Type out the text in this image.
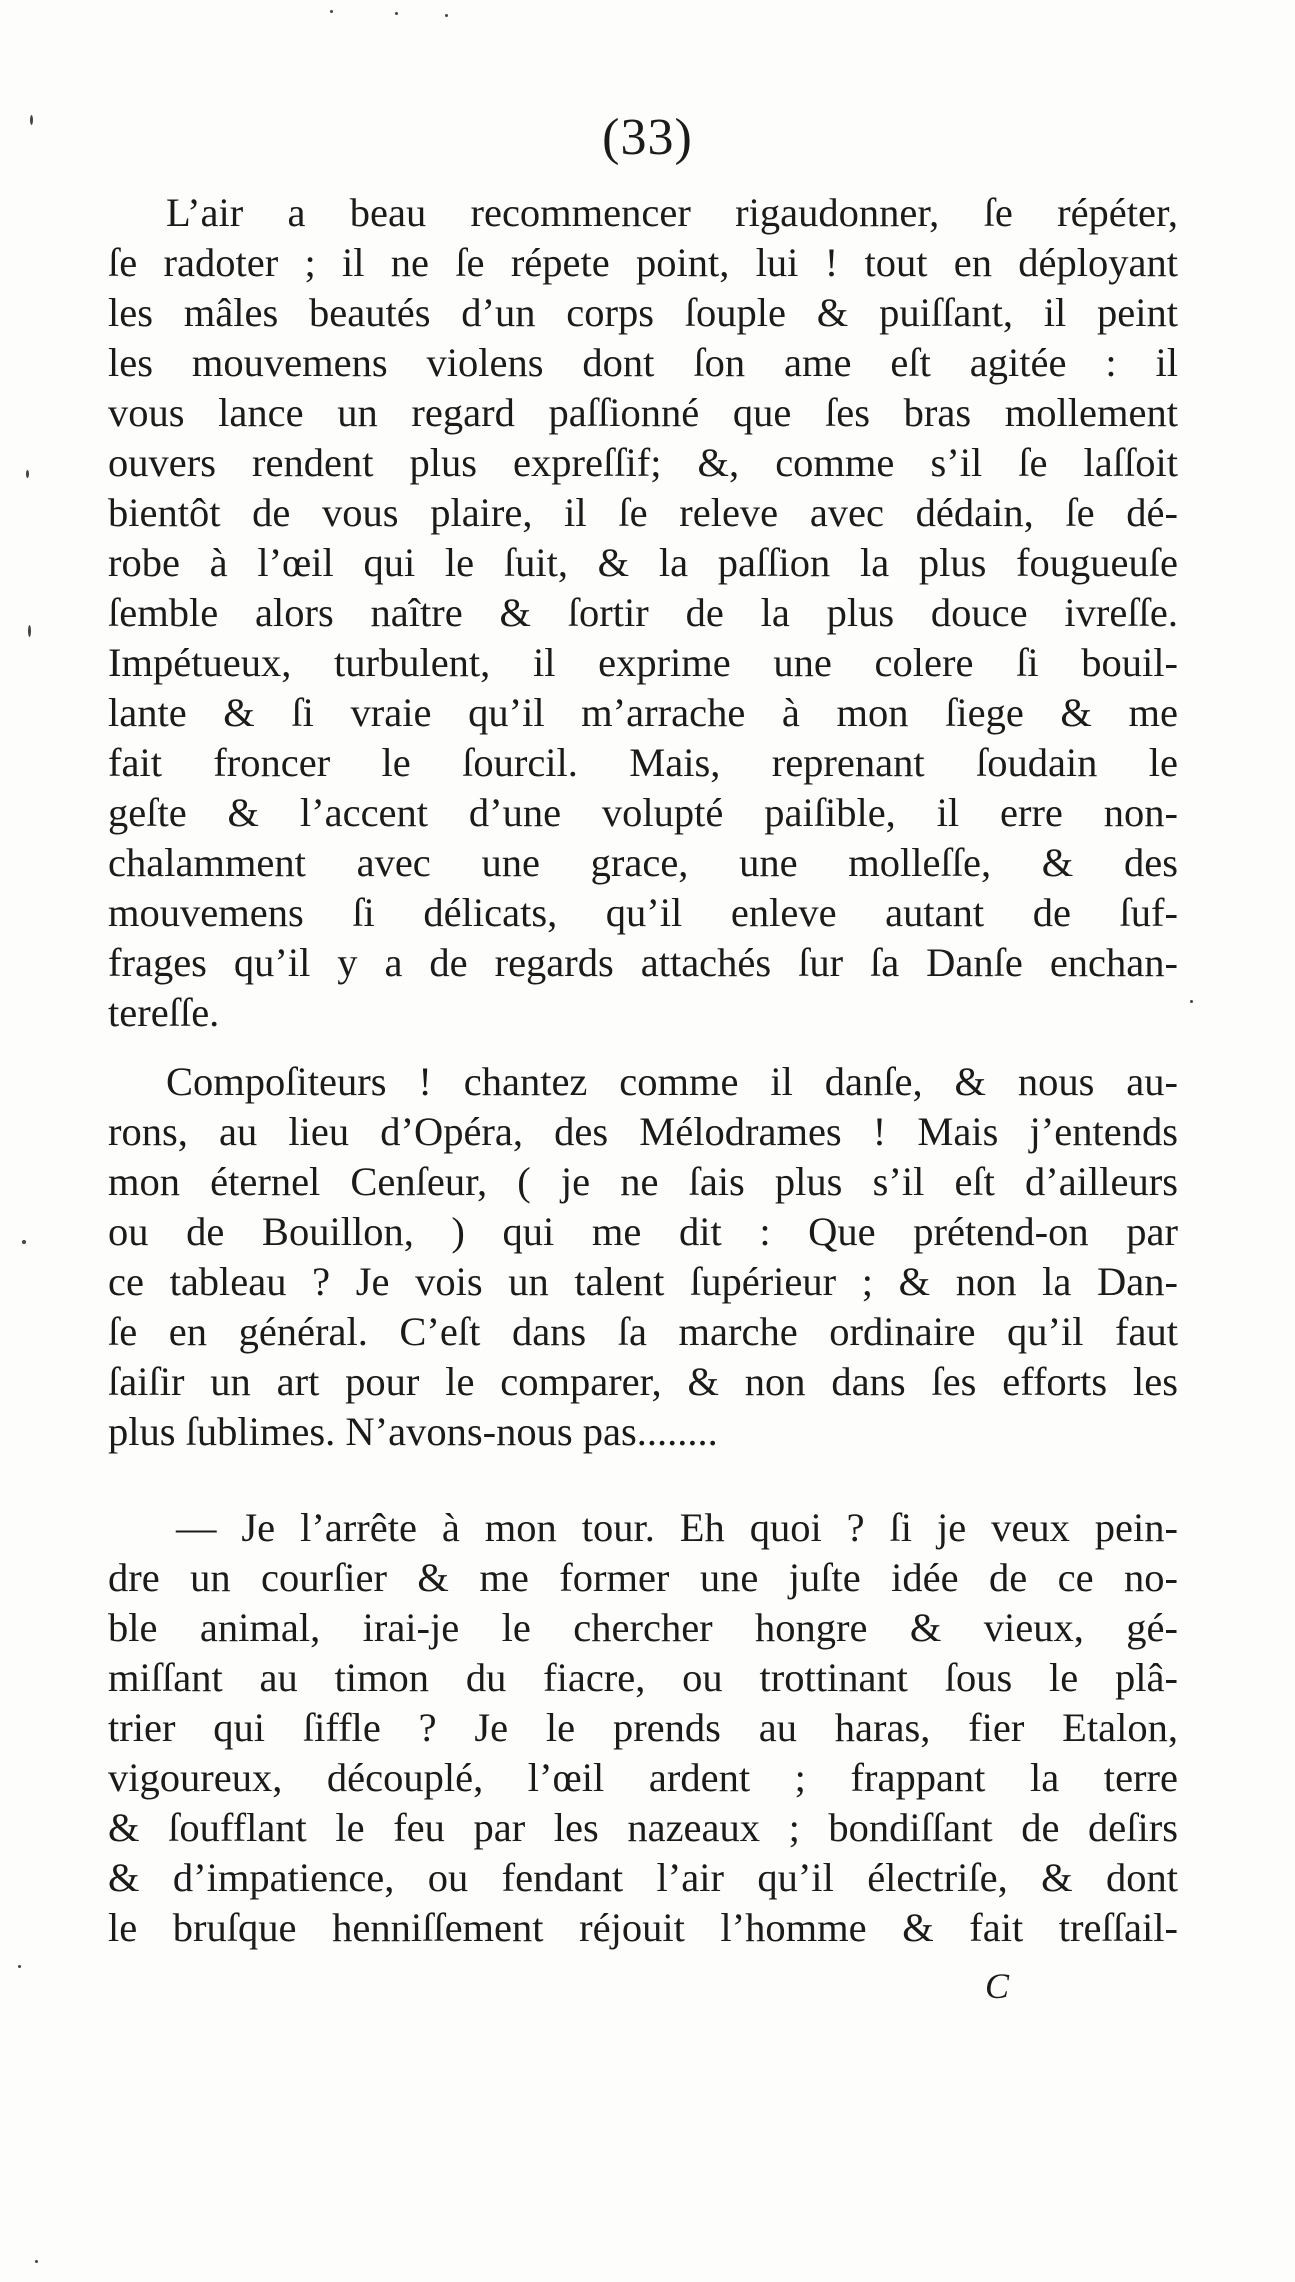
(33)
L’air a beau recommencer rigaudonner, ſe répéter,
ſe radoter ; il ne ſe répete point, lui ! tout en déployant
les mâles beautés d’un corps ſouple & puiſſant, il peint
les mouvemens violens dont ſon ame eſt agitée : il
vous lance un regard paſſionné que ſes bras mollement
ouvers rendent plus expreſſif; &, comme s’il ſe laſſoit
bientôt de vous plaire, il ſe releve avec dédain, ſe dé-
robe à l’œil qui le ſuit, & la paſſion la plus fougueuſe
ſemble alors naître & ſortir de la plus douce ivreſſe.
Impétueux, turbulent, il exprime une colere ſi bouil-
lante & ſi vraie qu’il m’arrache à mon ſiege & me
fait froncer le ſourcil. Mais, reprenant ſoudain le
geſte & l’accent d’une volupté paiſible, il erre non-
chalamment avec une grace, une molleſſe, & des
mouvemens ſi délicats, qu’il enleve autant de ſuf-
frages qu’il y a de regards attachés ſur ſa Danſe enchan-
tereſſe.
Compoſiteurs ! chantez comme il danſe, & nous au-
rons, au lieu d’Opéra, des Mélodrames ! Mais j’entends
mon éternel Cenſeur, ( je ne ſais plus s’il eſt d’ailleurs
ou de Bouillon, ) qui me dit : Que prétend-on par
ce tableau ? Je vois un talent ſupérieur ; & non la Dan-
ſe en général. C’eſt dans ſa marche ordinaire qu’il faut
ſaiſir un art pour le comparer, & non dans ſes efforts les
plus ſublimes. N’avons-nous pas........
— Je l’arrête à mon tour. Eh quoi ? ſi je veux pein-
dre un courſier & me former une juſte idée de ce no-
ble animal, irai-je le chercher hongre & vieux, gé-
miſſant au timon du fiacre, ou trottinant ſous le plâ-
trier qui ſiffle ? Je le prends au haras, fier Etalon,
vigoureux, découplé, l’œil ardent ; frappant la terre
& ſoufflant le feu par les nazeaux ; bondiſſant de deſirs
& d’impatience, ou fendant l’air qu’il électriſe, & dont
le bruſque henniſſement réjouit l’homme & fait treſſail-
C
